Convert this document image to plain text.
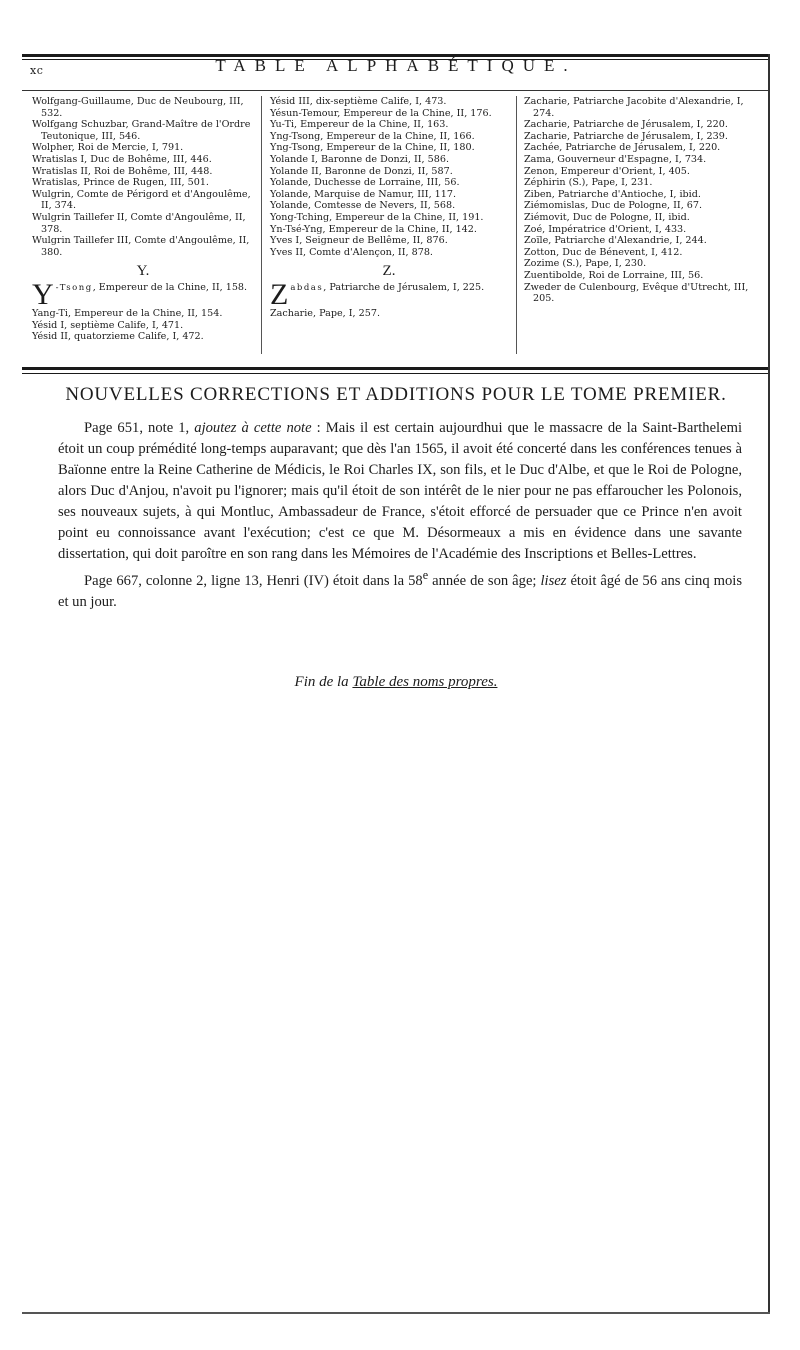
xc	TABLE ALPHABÉTIQUE.
Wolfgang-Guillaume, Duc de Neubourg, III, 532.
Wolfgang Schuzbar, Grand-Maître de l'Ordre Teutonique, III, 546.
Wolpher, Roi de Mercie, I, 791.
Wratislas I, Duc de Bohême, III, 446.
Wratislas II, Roi de Bohême, III, 448.
Wratislas, Prince de Rugen, III, 501.
Wulgrin, Comte de Périgord et d'Angoulême, II, 374.
Wulgrin Taillefer II, Comte d'Angoulême, II, 378.
Wulgrin Taillefer III, Comte d'Angoulême, II, 380.
Y.
Y -Tsong, Empereur de la Chine, II, 158.
Yang-Ti, Empereur de la Chine, II, 154.
Yésid I, septième Calife, I, 471.
Yésid II, quatorzieme Calife, I, 472.
Yésid III, dix-septième Calife, I, 473.
Yésun-Temour, Empereur de la Chine, II, 176.
Yu-Ti, Empereur de la Chine, II, 163.
Yng-Tsong, Empereur de la Chine, II, 166.
Yng-Tsong, Empereur de la Chine, II, 180.
Yolande I, Baronne de Donzi, II, 586.
Yolande II, Baronne de Donzi, II, 587.
Yolande, Duchesse de Lorraine, III, 56.
Yolande, Marquise de Namur, III, 117.
Yolande, Comtesse de Nevers, II, 568.
Yong-Tching, Empereur de la Chine, II, 191.
Yn-Tsé-Yng, Empereur de la Chine, II, 142.
Yves I, Seigneur de Bellême, II, 876.
Yves II, Comte d'Alençon, II, 878.
Z.
Zabdas, Patriarche de Jérusalem, I, 225.
Zacharie, Pape, I, 257.
Zacharie, Patriarche Jacobite d'Alexandrie, I, 274.
Zacharie, Patriarche de Jérusalem, I, 220.
Zacharie, Patriarche de Jérusalem, I, 239.
Zachée, Patriarche de Jérusalem, I, 220.
Zama, Gouverneur d'Espagne, I, 734.
Zenon, Empereur d'Orient, I, 405.
Zéphirin (S.), Pape, I, 231.
Ziben, Patriarche d'Antioche, I, ibid.
Ziémomislas, Duc de Pologne, II, 67.
Ziémovit, Duc de Pologne, II, ibid.
Zoé, Impératrice d'Orient, I, 433.
Zoïle, Patriarche d'Alexandrie, I, 244.
Zotton, Duc de Bénevent, I, 412.
Zozime (S.), Pape, I, 230.
Zuentibolde, Roi de Lorraine, III, 56.
Zweder de Culenbourg, Evêque d'Utrecht, III, 205.
NOUVELLES CORRECTIONS ET ADDITIONS POUR LE TOME PREMIER.

Page 651, note 1, ajoutez à cette note : Mais il est certain aujourdhui que le massacre de la Saint-Barthelemi étoit un coup prémédité long-temps auparavant; que dès l'an 1565, il avoit été concerté dans les conférences tenues à Baïonne entre la Reine Catherine de Médicis, le Roi Charles IX, son fils, et le Duc d'Albe, et que le Roi de Pologne, alors Duc d'Anjou, n'avoit pu l'ignorer; mais qu'il étoit de son intérêt de le nier pour ne pas effaroucher les Polonois, ses nouveaux sujets, à qui Montluc, Ambassadeur de France, s'étoit efforcé de persuader que ce Prince n'en avoit point eu connoissance avant l'exécution; c'est ce que M. Désormeaux a mis en évidence dans une savante dissertation, qui doit paroître en son rang dans les Mémoires de l'Académie des Inscriptions et Belles-Lettres.

Page 667, colonne 2, ligne 13, Henri (IV) étoit dans la 58e année de son âge; lisez étoit âgé de 56 ans cinq mois et un jour.

Fin de la Table des noms propres.
